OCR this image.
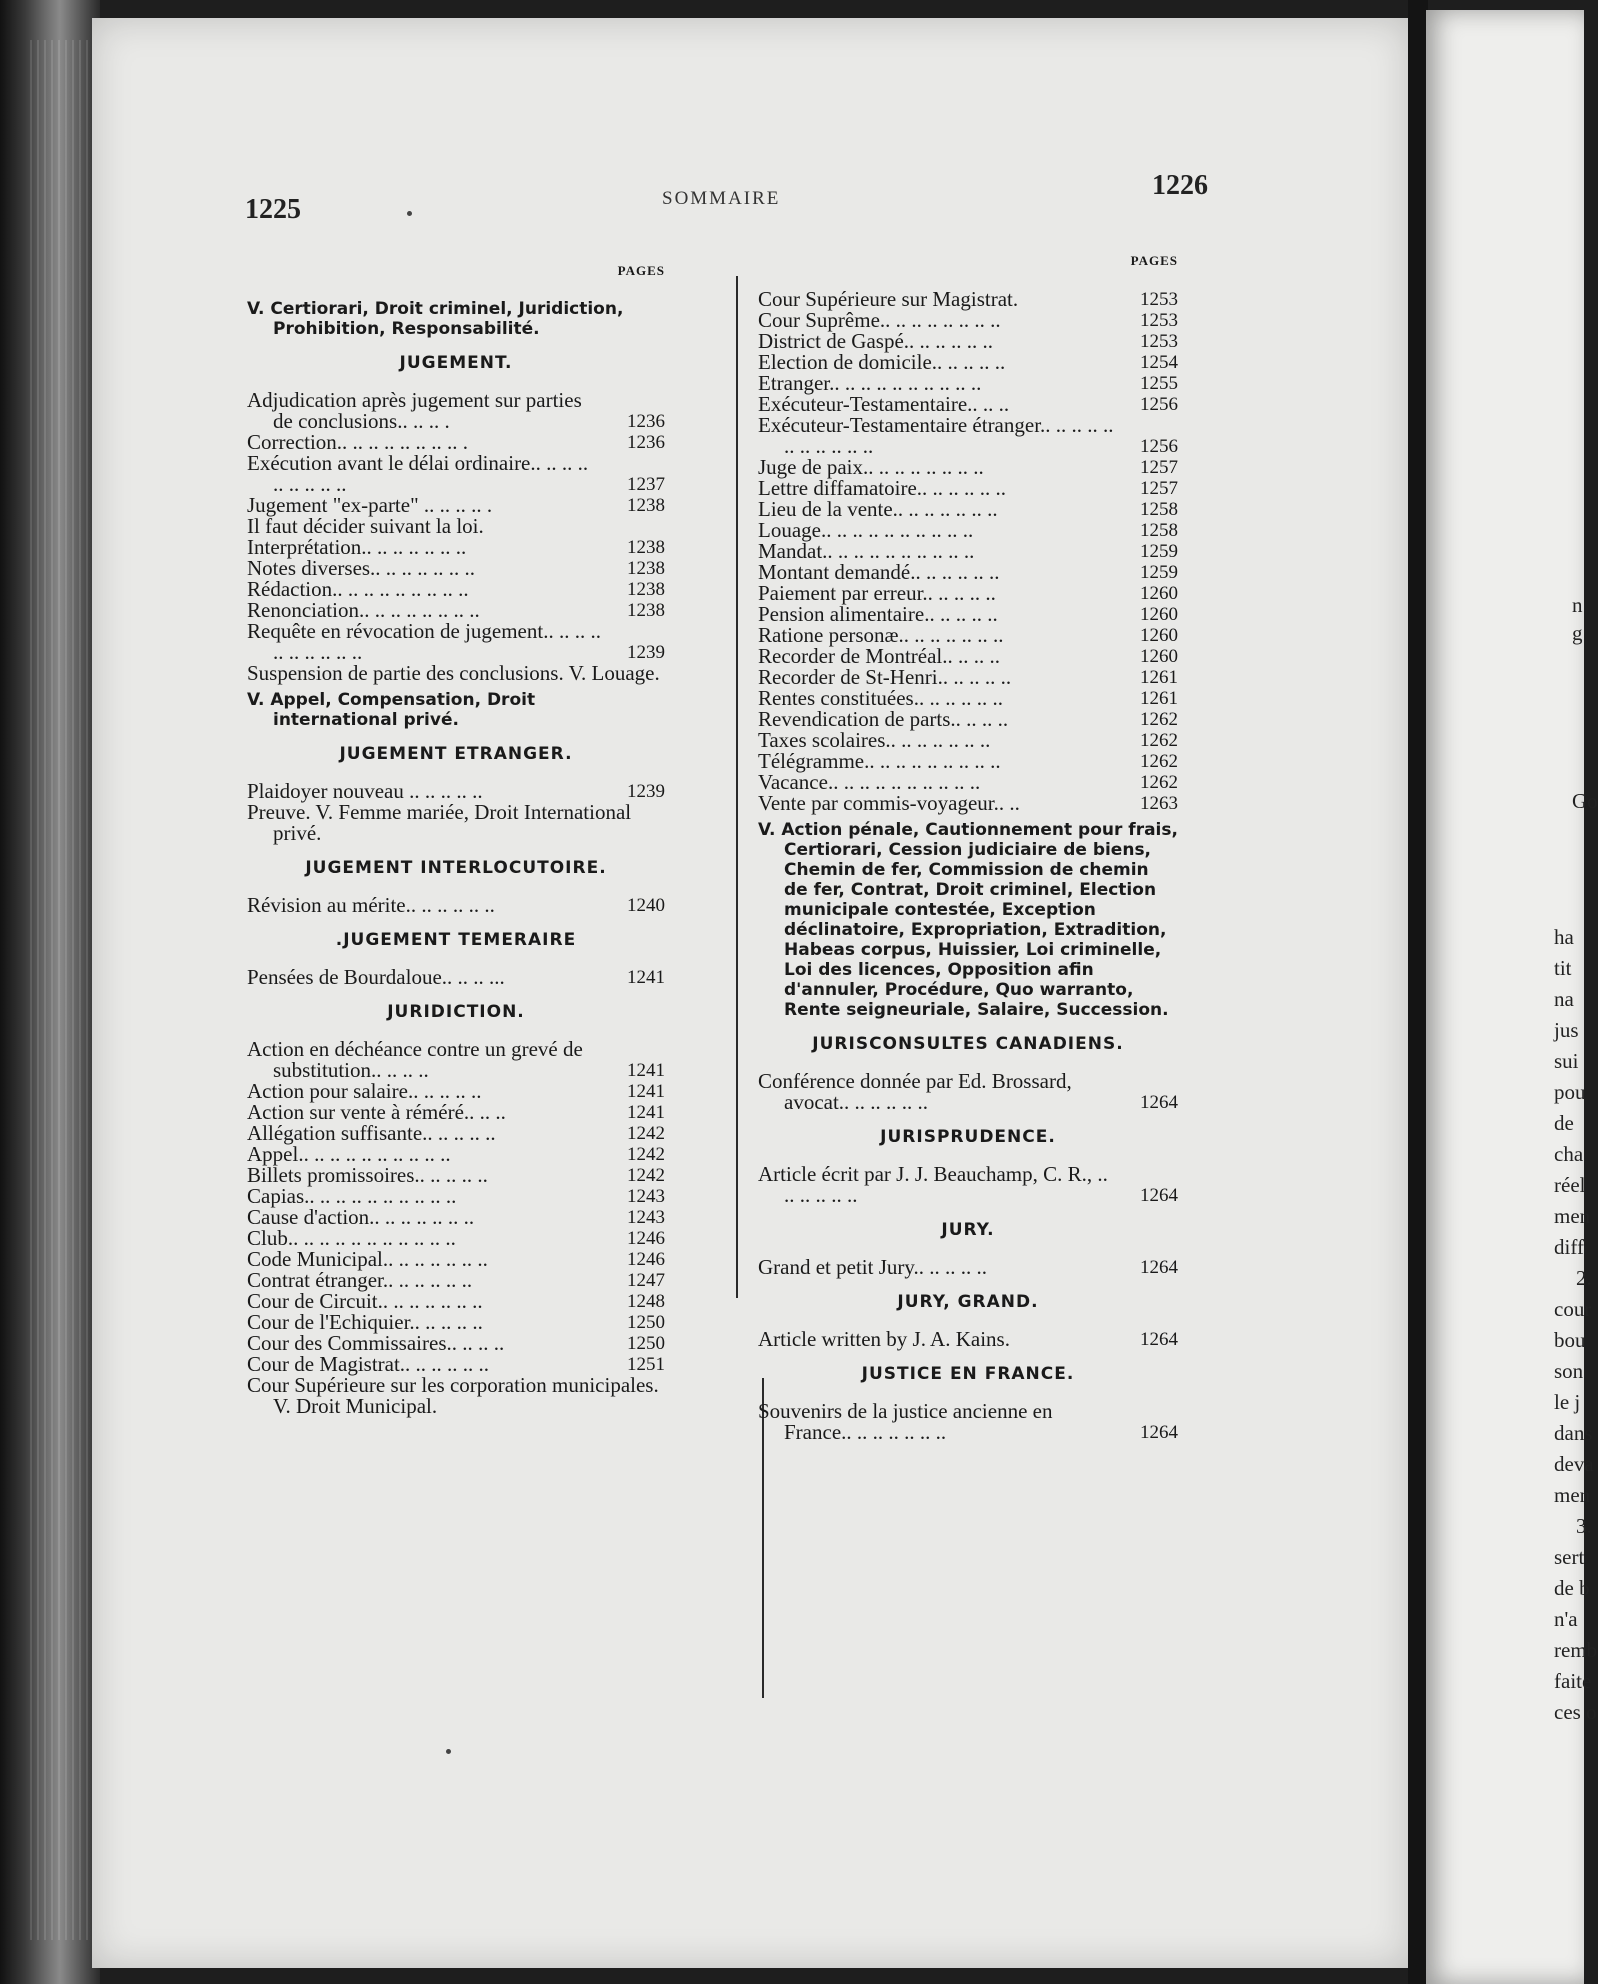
1225	SOMMAIRE	1226
PAGES
V. Certiorari, Droit criminel, Juridiction, Prohibition, Responsabilité.
JUGEMENT.
Adjudication après jugement sur parties de conclusions.. .. .. .	1236
Correction.. .. .. .. .. .. .. .. .	1236
Exécution avant le délai ordinaire.. .. .. .. .. .. .. .. ..	1237
Jugement "ex-parte" .. .. .. .. .	1238
Il faut décider suivant la loi.
Interprétation.. .. .. .. .. .. ..	1238
Notes diverses.. .. .. .. .. .. ..	1238
Rédaction.. .. .. .. .. .. .. .. ..	1238
Renonciation.. .. .. .. .. .. .. ..	1238
Requête en révocation de jugement.. .. .. .. .. .. .. .. .. ..	1239
Suspension de partie des conclusions. V. Louage.
V. Appel, Compensation, Droit international privé.
JUGEMENT ETRANGER.
Plaidoyer nouveau .. .. .. .. ..	1239
Preuve. V. Femme mariée, Droit International privé.
JUGEMENT INTERLOCUTOIRE.
Révision au mérite.. .. .. .. .. ..	1240
.JUGEMENT TEMERAIRE
Pensées de Bourdaloue.. .. .. ...	1241
JURIDICTION.
Action en déchéance contre un grevé de substitution.. .. .. ..	1241
Action pour salaire.. .. .. .. ..	1241
Action sur vente à réméré.. .. ..	1241
Allégation suffisante.. .. .. .. ..	1242
Appel.. .. .. .. .. .. .. .. .. ..	1242
Billets promissoires.. .. .. .. ..	1242
Capias.. .. .. .. .. .. .. .. .. ..	1243
Cause d'action.. .. .. .. .. .. ..	1243
Club.. .. .. .. .. .. .. .. .. .. ..	1246
Code Municipal.. .. .. .. .. .. ..	1246
Contrat étranger.. .. .. .. .. ..	1247
Cour de Circuit.. .. .. .. .. .. ..	1248
Cour de l'Echiquier.. .. .. .. ..	1250
Cour des Commissaires.. .. .. ..	1250
Cour de Magistrat.. .. .. .. .. ..	1251
Cour Supérieure sur les corporation municipales. V. Droit Municipal.
PAGES
Cour Supérieure sur Magistrat.	1253
Cour Suprême.. .. .. .. .. .. .. ..	1253
District de Gaspé.. .. .. .. .. ..	1253
Election de domicile.. .. .. .. ..	1254
Etranger.. .. .. .. .. .. .. .. .. ..	1255
Exécuteur-Testamentaire.. .. ..	1256
Exécuteur-Testamentaire étranger.. .. .. .. .. .. .. .. .. .. ..	1256
Juge de paix.. .. .. .. .. .. .. ..	1257
Lettre diffamatoire.. .. .. .. .. ..	1257
Lieu de la vente.. .. .. .. .. .. ..	1258
Louage.. .. .. .. .. .. .. .. .. ..	1258
Mandat.. .. .. .. .. .. .. .. .. ..	1259
Montant demandé.. .. .. .. .. ..	1259
Paiement par erreur.. .. .. .. ..	1260
Pension alimentaire.. .. .. .. ..	1260
Ratione personæ.. .. .. .. .. .. ..	1260
Recorder de Montréal.. .. .. ..	1260
Recorder de St-Henri.. .. .. .. ..	1261
Rentes constituées.. .. .. .. .. ..	1261
Revendication de parts.. .. .. ..	1262
Taxes scolaires.. .. .. .. .. .. ..	1262
Télégramme.. .. .. .. .. .. .. .. ..	1262
Vacance.. .. .. .. .. .. .. .. .. ..	1262
Vente par commis-voyageur.. ..	1263
V. Action pénale, Cautionnement pour frais, Certiorari, Cession judiciaire de biens, Chemin de fer, Commission de chemin de fer, Contrat, Droit criminel, Election municipale contestée, Exception déclinatoire, Expropriation, Extradition, Habeas corpus, Huissier, Loi criminelle, Loi des licences, Opposition afin d'annuler, Procédure, Quo warranto, Rente seigneuriale, Salaire, Succession.
JURISCONSULTES CANADIENS.
Conférence donnée par Ed. Brossard, avocat.. .. .. .. .. ..	1264
JURISPRUDENCE.
Article écrit par J. J. Beauchamp, C. R., .. .. .. .. .. ..	1264
JURY.
Grand et petit Jury.. .. .. .. ..	1264
JURY, GRAND.
Article written by J. A. Kains.	1264
JUSTICE EN FRANCE.
Souvenirs de la justice ancienne en France.. .. .. .. .. .. ..	1264
n
g
Go
ha
tit
na
jus
sui
pou
de
cha
réel
men
diff
2.
cour
bou
son
le j
dans
deva
men
3.
sert
de b
n'a
remb
faite
ces o
